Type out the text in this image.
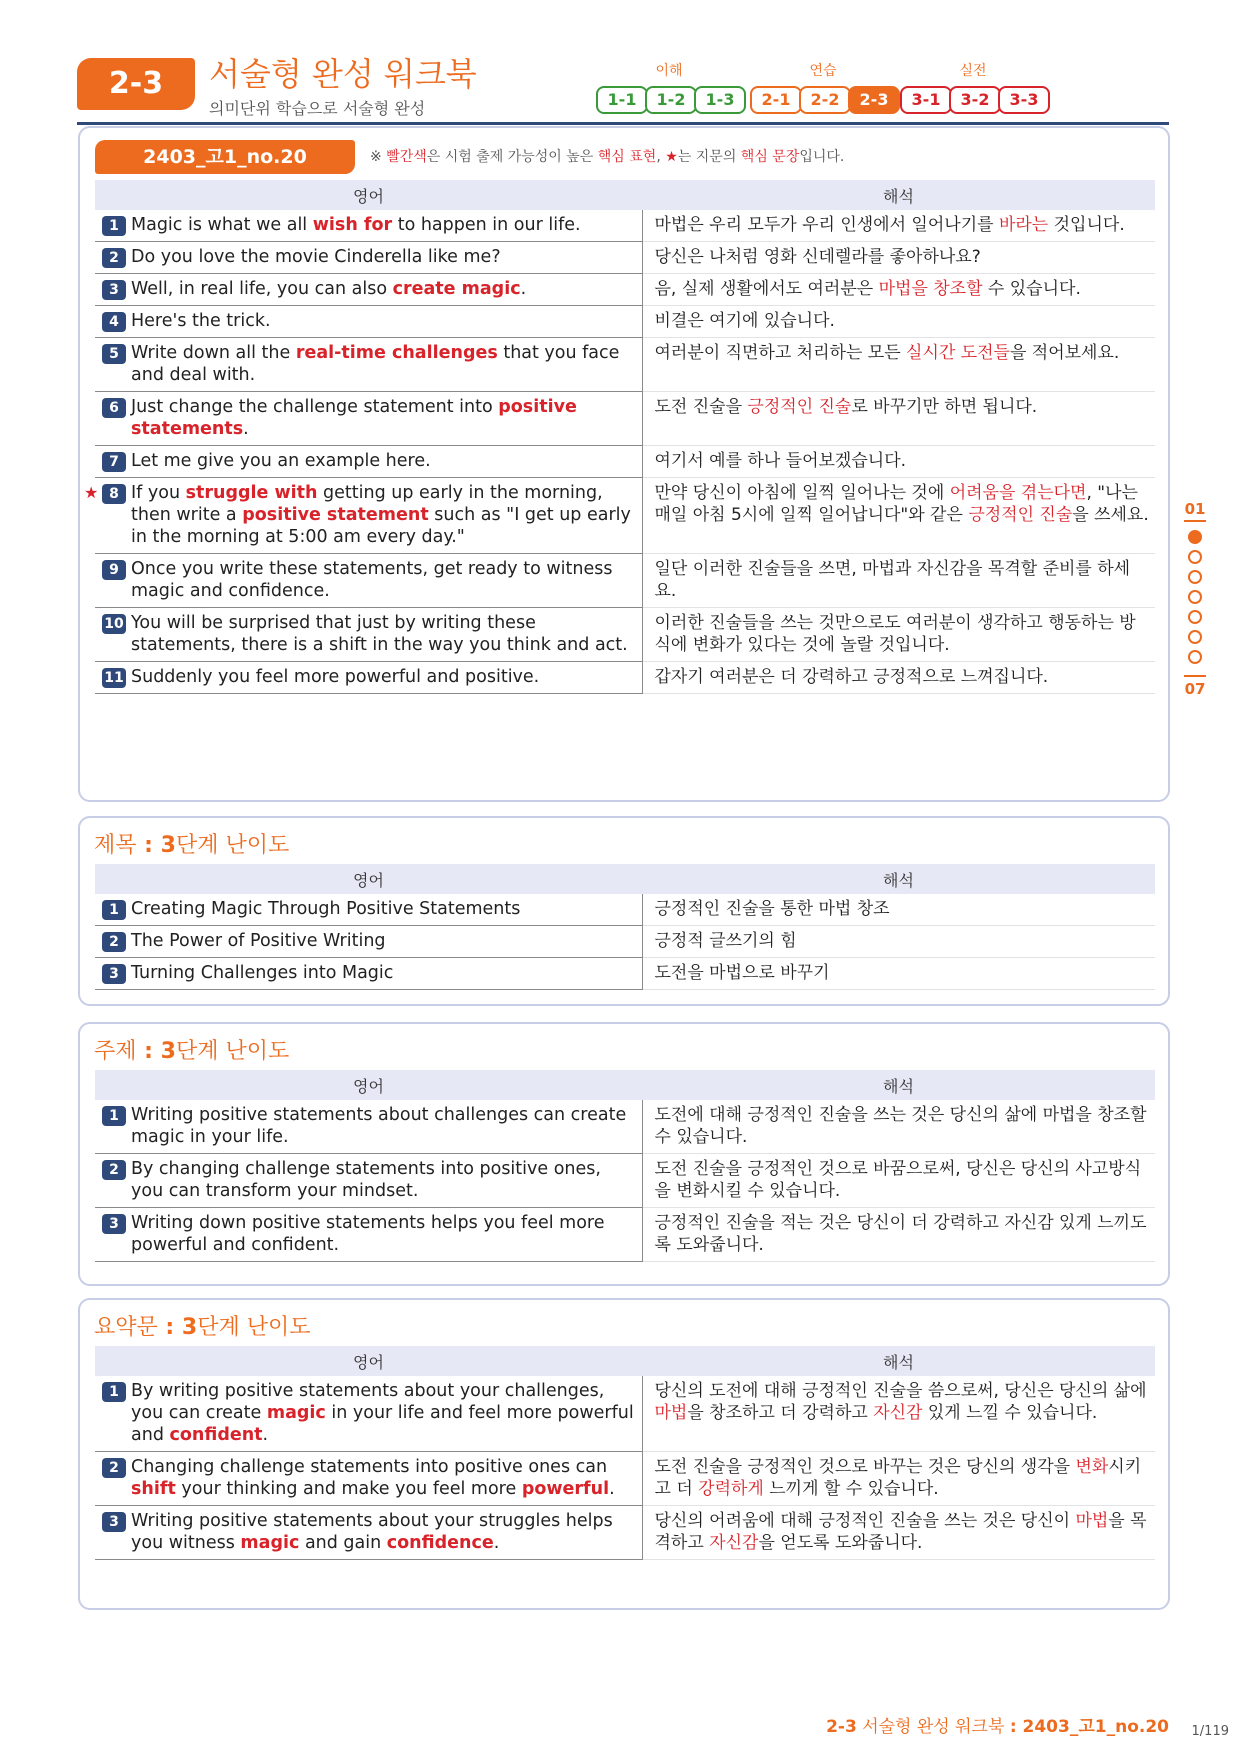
2-3	서술형 완성 워크북
의미단위 학습으로 서술형 완성
이해
1-1	1-2	1-3
연습
2-1	2-2	2-3
실전
3-1	3-2	3-3
2403_고1_no.20	※ 빨간색은 시험 출제 가능성이 높은 핵심 표현, ★는 지문의 핵심 문장입니다.
영어	해석

1 Magic is what we all wish for to happen in our life.	마법은 우리 모두가 우리 인생에서 일어나기를 바라는 것입니다.

2 Do you love the movie Cinderella like me?	당신은 나처럼 영화 신데렐라를 좋아하나요?

3 Well, in real life, you can also create magic.	음, 실제 생활에서도 여러분은 마법을 창조할 수 있습니다.

4 Here's the trick.	비결은 여기에 있습니다.

5 Write down all the real-time challenges that you face and deal with.	여러분이 직면하고 처리하는 모든 실시간 도전들을 적어보세요.

6 Just change the challenge statement into positive statements.	도전 진술을 긍정적인 진술로 바꾸기만 하면 됩니다.

7 Let me give you an example here.	여기서 예를 하나 들어보겠습니다.

8
★ If you struggle with getting up early in the morning, then write a positive statement such as "I get up early in the morning at 5:00 am every day."	만약 당신이 아침에 일찍 일어나는 것에 어려움을 겪는다면, "나는 매일 아침 5시에 일찍 일어납니다"와 같은 긍정적인 진술을 쓰세요.

9 Once you write these statements, get ready to witness magic and confidence.	일단 이러한 진술들을 쓰면, 마법과 자신감을 목격할 준비를 하세요.

10 You will be surprised that just by writing these statements, there is a shift in the way you think and act.	이러한 진술들을 쓰는 것만으로도 여러분이 생각하고 행동하는 방식에 변화가 있다는 것에 놀랄 것입니다.

11 Suddenly you feel more powerful and positive.	갑자기 여러분은 더 강력하고 긍정적으로 느껴집니다.
제목 : 3단계 난이도
영어	해석

1 Creating Magic Through Positive Statements	긍정적인 진술을 통한 마법 창조

2 The Power of Positive Writing	긍정적 글쓰기의 힘

3 Turning Challenges into Magic	도전을 마법으로 바꾸기
주제 : 3단계 난이도
영어	해석

1 Writing positive statements about challenges can create magic in your life.	도전에 대해 긍정적인 진술을 쓰는 것은 당신의 삶에 마법을 창조할 수 있습니다.

2 By changing challenge statements into positive ones, you can transform your mindset.	도전 진술을 긍정적인 것으로 바꿈으로써, 당신은 당신의 사고방식을 변화시킬 수 있습니다.

3 Writing down positive statements helps you feel more powerful and confident.	긍정적인 진술을 적는 것은 당신이 더 강력하고 자신감 있게 느끼도록 도와줍니다.
요약문 : 3단계 난이도
영어	해석

1 By writing positive statements about your challenges, you can create magic in your life and feel more powerful and confident.	당신의 도전에 대해 긍정적인 진술을 씀으로써, 당신은 당신의 삶에 마법을 창조하고 더 강력하고 자신감 있게 느낄 수 있습니다.

2 Changing challenge statements into positive ones can shift your thinking and make you feel more powerful.	도전 진술을 긍정적인 것으로 바꾸는 것은 당신의 생각을 변화시키고 더 강력하게 느끼게 할 수 있습니다.

3 Writing positive statements about your struggles helps you witness magic and gain confidence.	당신의 어려움에 대해 긍정적인 진술을 쓰는 것은 당신이 마법을 목격하고 자신감을 얻도록 도와줍니다.
01
07
2-3 서술형 완성 워크북 : 2403_고1_no.20 1/119
